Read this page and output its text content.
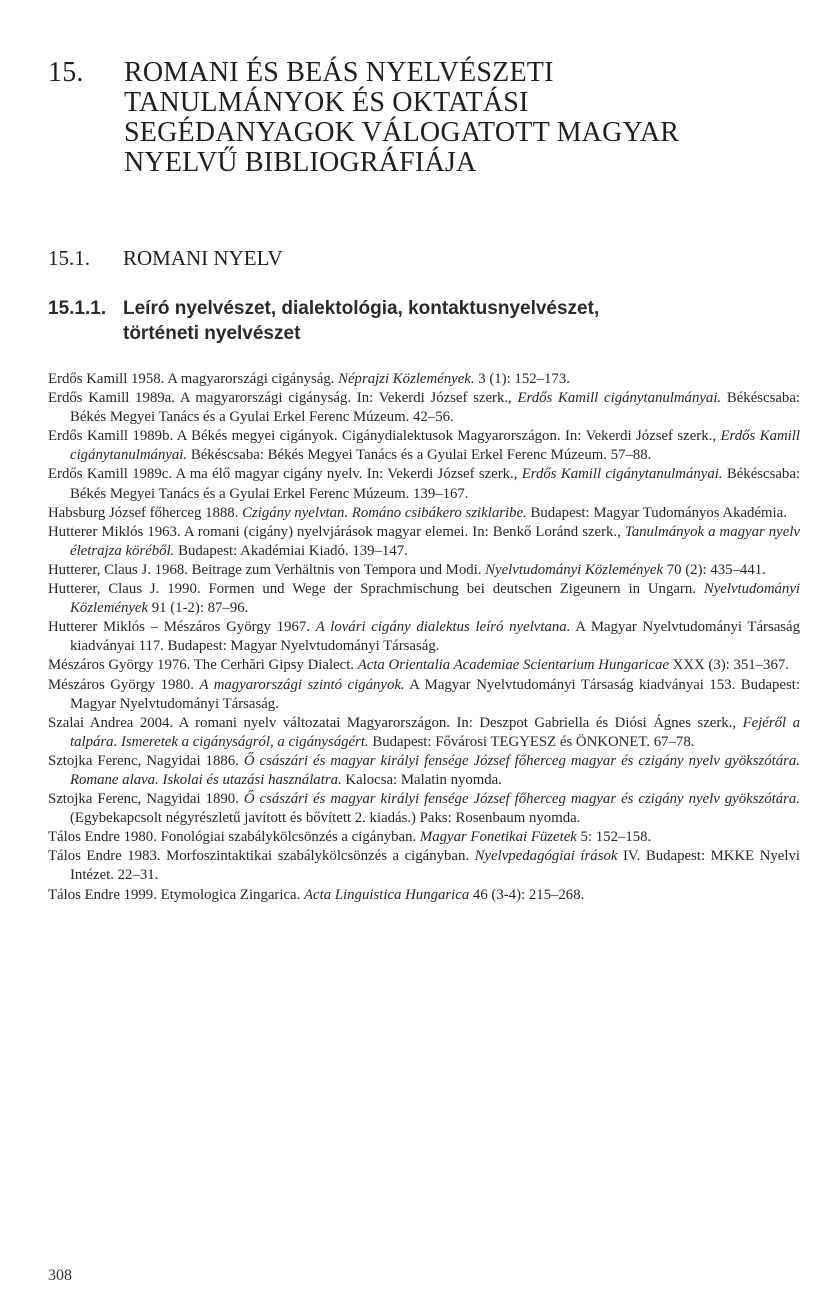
15. ROMANI ÉS BEÁS NYELVÉSZETI
TANULMÁNYOK ÉS OKTATÁSI
SEGÉDANYAGOK VÁLOGATOTT MAGYAR
NYELVŰ BIBLIOGRÁFIÁJA
15.1. ROMANI NYELV
15.1.1. Leíró nyelvészet, dialektológia, kontaktusnyelvészet,
történeti nyelvészet

Erdős Kamill 1958. A magyarországi cigányság. Néprajzi Közlemények. 3 (1): 152–173.

Erdős Kamill 1989a. A magyarországi cigányság. In: Vekerdi József szerk., Erdős Kamill cigánytanulmányai. Békéscsaba: Békés Megyei Tanács és a Gyulai Erkel Ferenc Múzeum. 42–56.

Erdős Kamill 1989b. A Békés megyei cigányok. Cigánydialektusok Magyarországon. In: Vekerdi József szerk., Erdős Kamill cigánytanulmányai. Békéscsaba: Békés Megyei Tanács és a Gyulai Erkel Ferenc Múzeum. 57–88.

Erdős Kamill 1989c. A ma élő magyar cigány nyelv. In: Vekerdi József szerk., Erdős Kamill cigánytanulmányai. Békéscsaba: Békés Megyei Tanács és a Gyulai Erkel Ferenc Múzeum. 139–167.

Habsburg József főherceg 1888. Czigány nyelvtan. Románo csibákero sziklaribe. Budapest: Magyar Tudományos Akadémia.

Hutterer Miklós 1963. A romani (cigány) nyelvjárások magyar elemei. In: Benkő Loránd szerk., Tanulmányok a magyar nyelv életrajza köréből. Budapest: Akadémiai Kiadó. 139–147.

Hutterer, Claus J. 1968. Beitrage zum Verhältnis von Tempora und Modi. Nyelvtudományi Közlemények 70 (2): 435–441.

Hutterer, Claus J. 1990. Formen und Wege der Sprachmischung bei deutschen Zigeunern in Ungarn. Nyelvtudományi Közlemények 91 (1-2): 87–96.

Hutterer Miklós – Mészáros György 1967. A lovári cigány dialektus leíró nyelvtana. A Magyar Nyelvtudományi Társaság kiadványai 117. Budapest: Magyar Nyelvtudományi Társaság.

Mészáros György 1976. The Cerhări Gipsy Dialect. Acta Orientalia Academiae Scientarium Hungaricae XXX (3): 351–367.

Mészáros György 1980. A magyarországi szintó cigányok. A Magyar Nyelvtudományi Társaság kiadványai 153. Budapest: Magyar Nyelvtudományi Társaság.

Szalai Andrea 2004. A romani nyelv változatai Magyarországon. In: Deszpot Gabriella és Diósi Ágnes szerk., Fejéről a talpára. Ismeretek a cigányságról, a cigányságért. Budapest: Fővárosi TEGYESZ és ÖNKONET. 67–78.

Sztojka Ferenc, Nagyidai 1886. Ő császári és magyar királyi fensége József főherceg magyar és czigány nyelv gyökszótára. Romane alava. Iskolai és utazási használatra. Kalocsa: Malatin nyomda.

Sztojka Ferenc, Nagyidai 1890. Ő császári és magyar királyi fensége József főherceg magyar és czigány nyelv gyökszótára. (Egybekapcsolt négyrészletű javított és bővített 2. kiadás.) Paks: Rosenbaum nyomda.

Tálos Endre 1980. Fonológiai szabálykölcsönzés a cigányban. Magyar Fonetikai Füzetek 5: 152–158.

Tálos Endre 1983. Morfoszintaktikai szabálykölcsönzés a cigányban. Nyelvpedagógiai írások IV. Budapest: MKKE Nyelvi Intézet. 22–31.

Tálos Endre 1999. Etymologica Zingarica. Acta Linguistica Hungarica 46 (3-4): 215–268.

308
